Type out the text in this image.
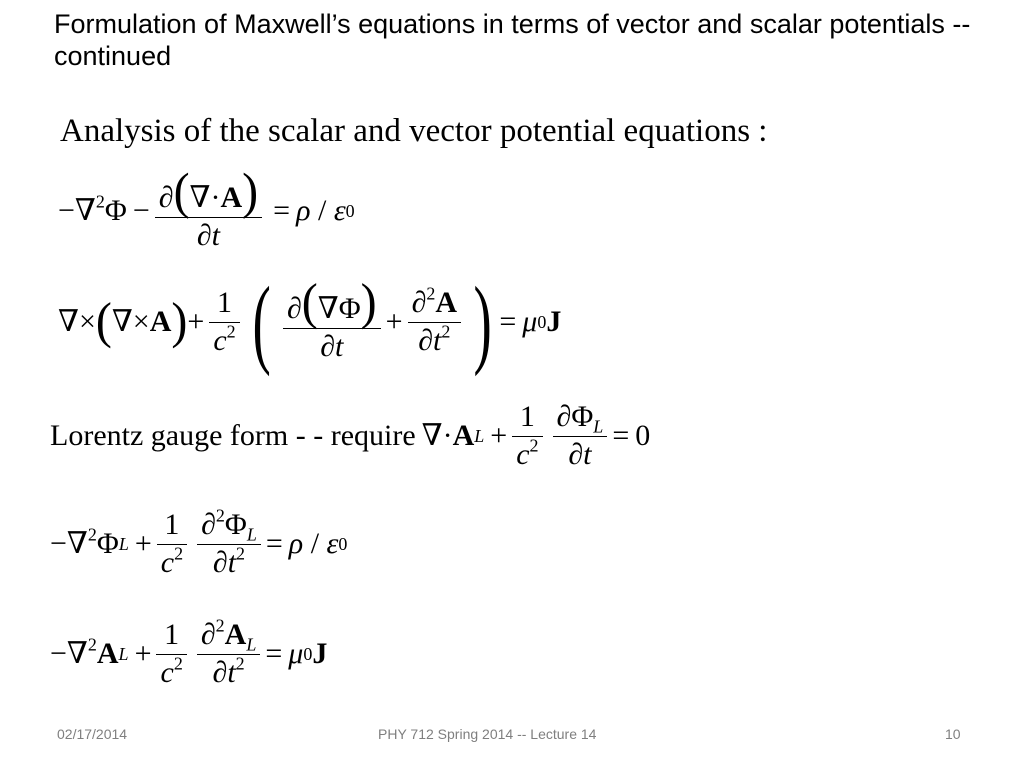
Formulation of Maxwell’s equations in terms of vector and scalar potentials -- continued
Analysis of the scalar and vector potential equations :
$-\nabla^2\Phi - \frac{\partial(\nabla\cdot A)}{\partial t} = \rho / \varepsilon$ 0
∇× ( ∇× A ) + $\frac{1}{c^2}$ ( $\frac{\partial(\nabla\Phi)}{\partial t} + \frac{\partial^2A}{\partial t^2}$ ) = μ 0 J
Lorentz gauge form - - require ∇· A $L + \frac{1}{c^2} \frac{\partial\Phi_L}{\partial t} = 0$
−∇$^2$Φ $L + \frac{1}{c^2} \frac{\partial^2\Phi_L}{\partial t^2} = \rho / \varepsilon$ 0
−∇$^2$ A $L + \frac{1}{c^2} \frac{\partial^2A_L}{\partial t^2} = \mu$ 0 J
02/17/2014	PHY 712 Spring 2014 -- Lecture 14	10
